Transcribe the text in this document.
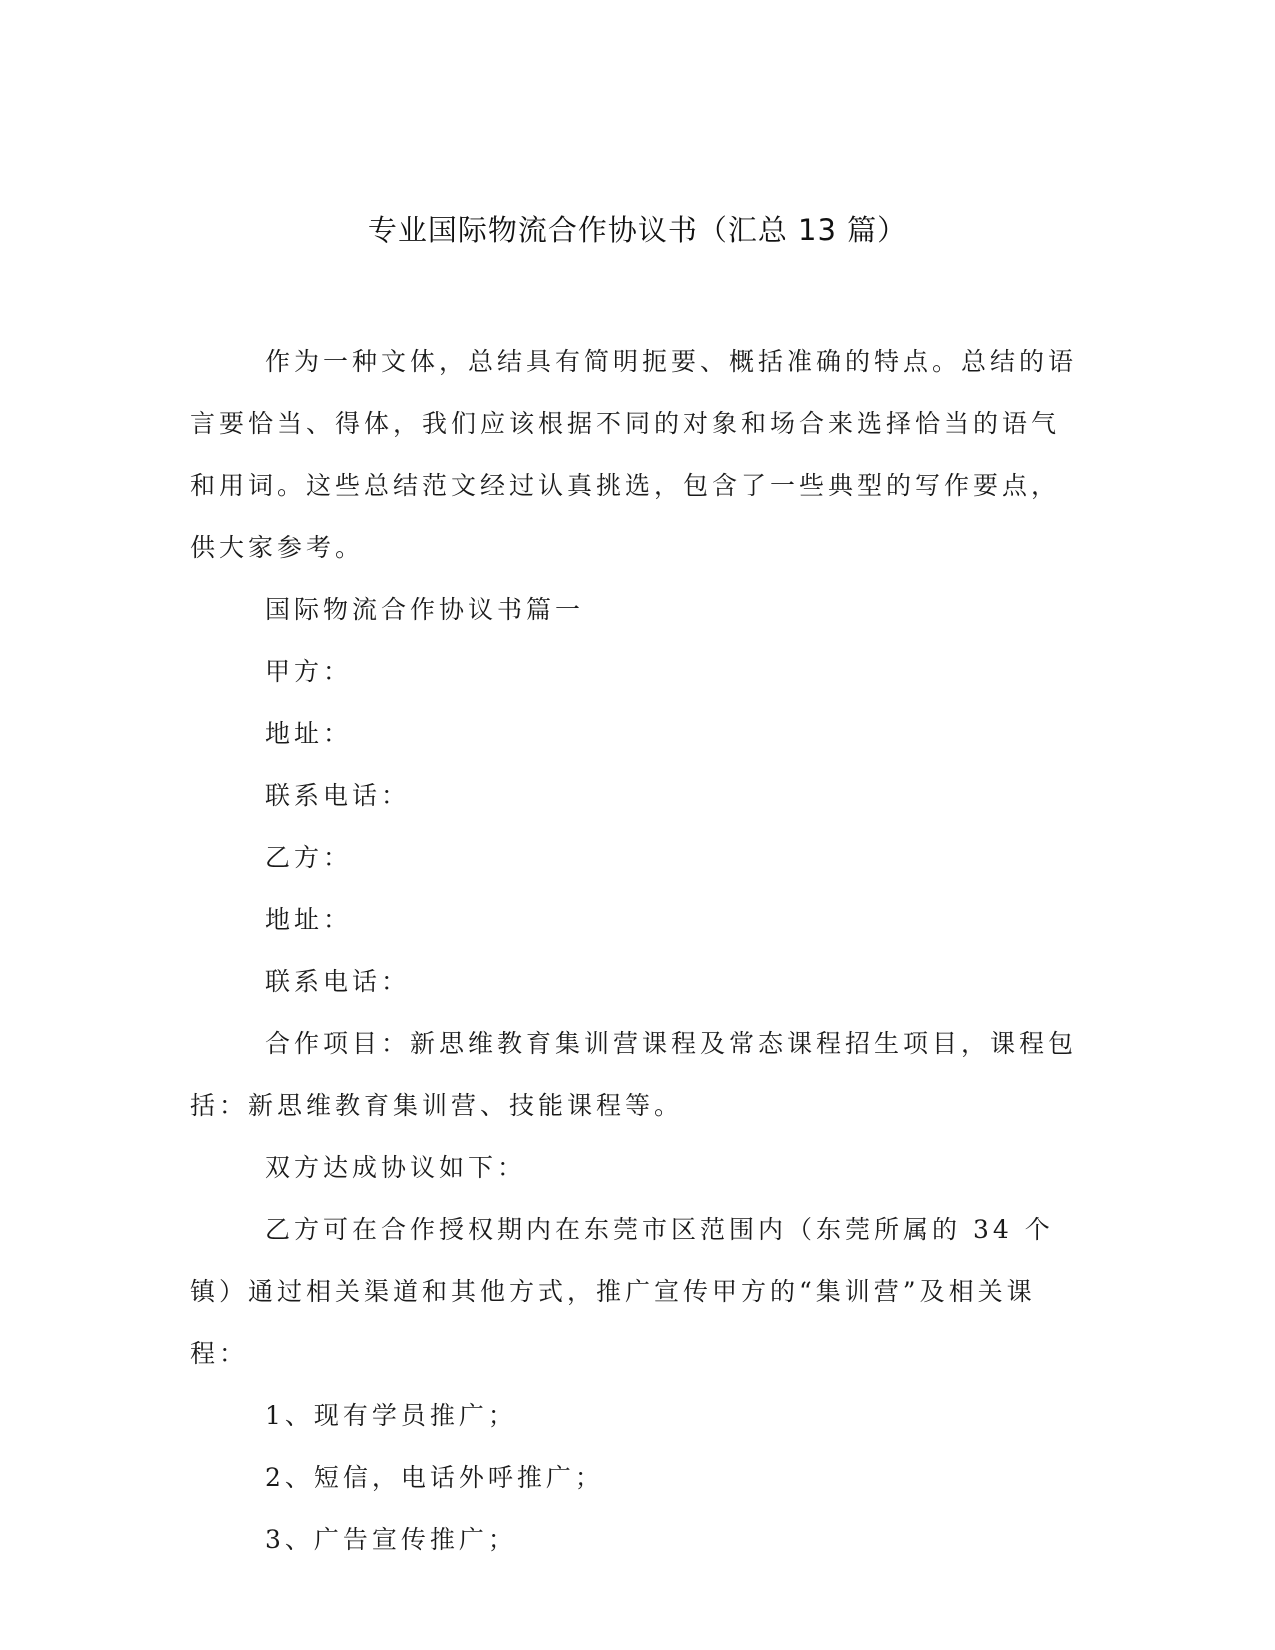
专业国际物流合作协议书（汇总 13 篇）

作为一种文体，总结具有简明扼要、概括准确的特点。总结的语言要恰当、得体，我们应该根据不同的对象和场合来选择恰当的语气和用词。这些总结范文经过认真挑选，包含了一些典型的写作要点，供大家参考。

国际物流合作协议书篇一

甲方：

地址：

联系电话：

乙方：

地址：

联系电话：

合作项目：新思维教育集训营课程及常态课程招生项目，课程包括：新思维教育集训营、技能课程等。

双方达成协议如下：

乙方可在合作授权期内在东莞市区范围内（东莞所属的 34 个镇）通过相关渠道和其他方式，推广宣传甲方的“集训营”及相关课程：

1、现有学员推广；

2、短信，电话外呼推广；

3、广告宣传推广；
